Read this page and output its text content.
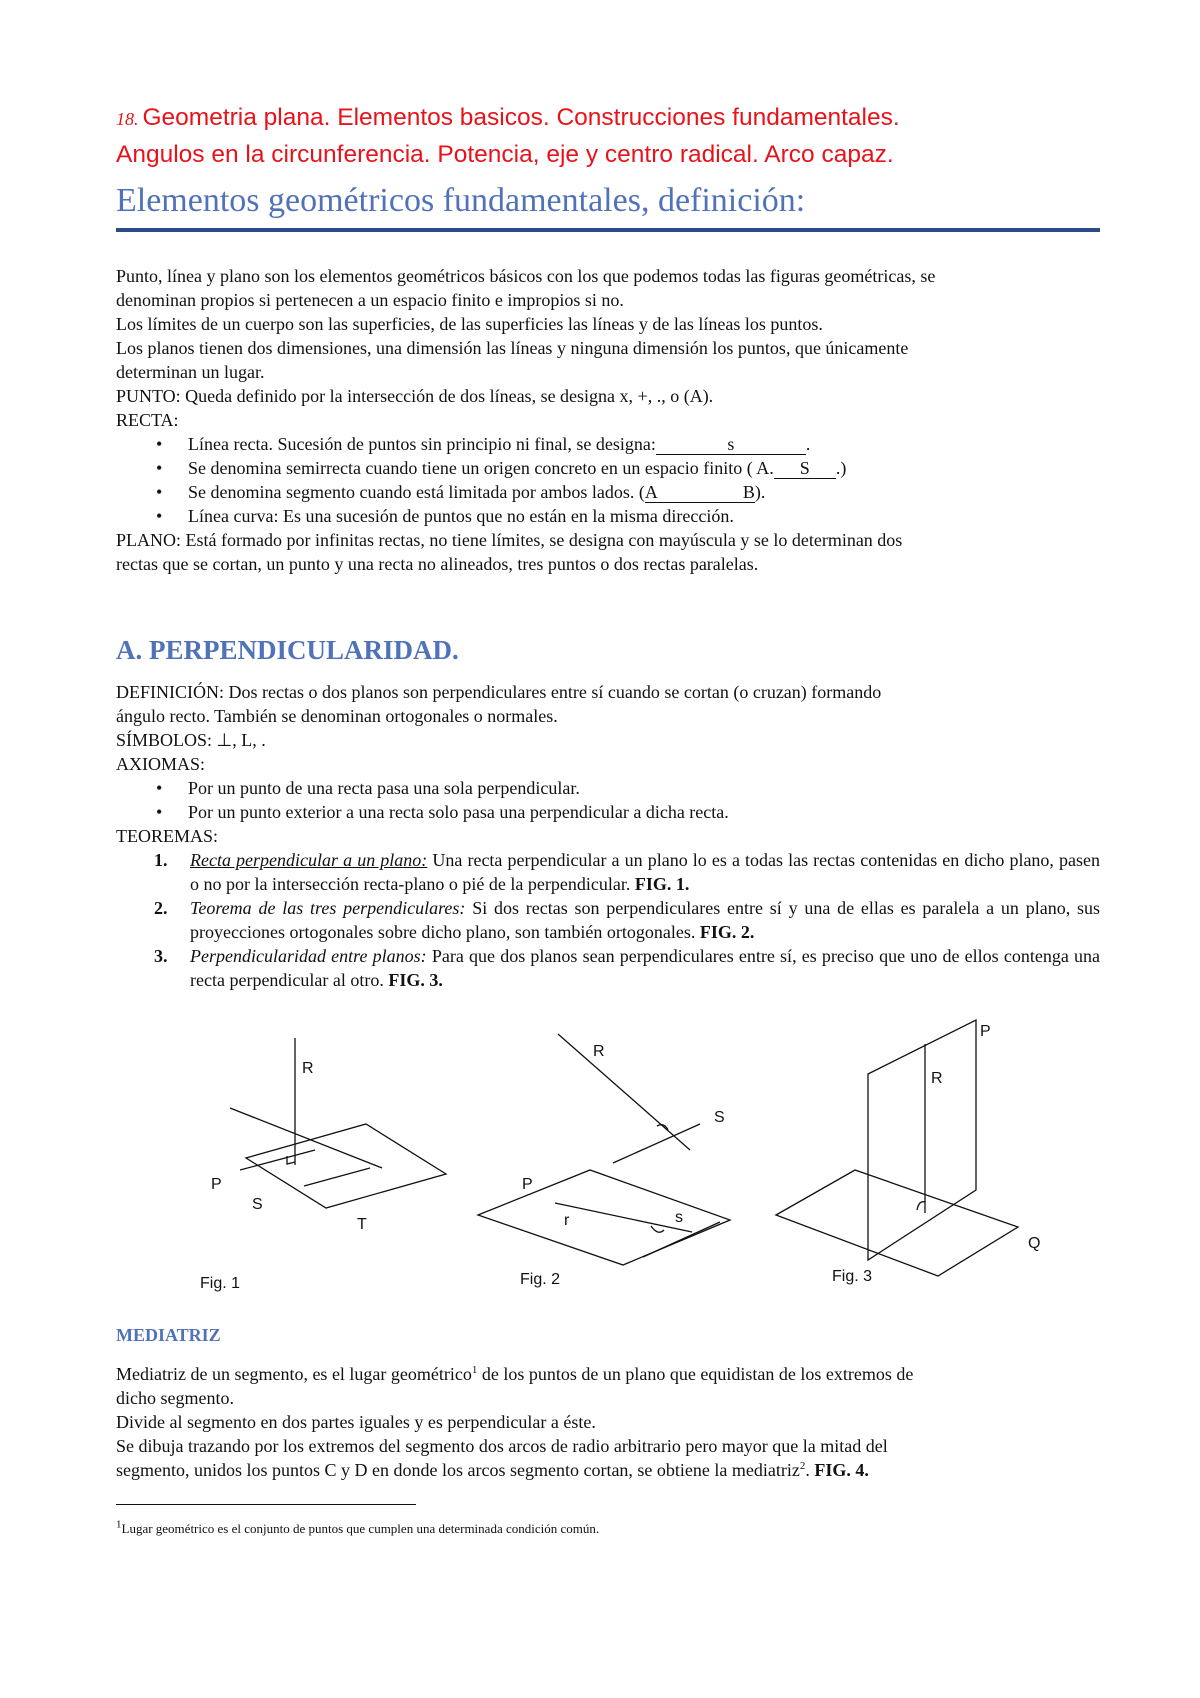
18. Geometria plana. Elementos basicos. Construcciones fundamentales.
Angulos en la circunferencia. Potencia, eje y centro radical. Arco capaz.
Elementos geométricos fundamentales, definición:
Punto, línea y plano son los elementos geométricos básicos con los que podemos todas las figuras geométricas, se
denominan propios si pertenecen a un espacio finito e impropios si no.
Los límites de un cuerpo son las superficies, de las superficies las líneas y de las líneas los puntos.
Los planos tienen dos dimensiones, una dimensión las líneas y ninguna dimensión los puntos, que únicamente
determinan un lugar.
PUNTO: Queda definido por la intersección de dos líneas, se designa x, +, ., o (A).
RECTA:
• Línea recta. Sucesión de puntos sin principio ni final, se designa:	s	.
• Se denomina semirrecta cuando tiene un origen concreto en un espacio finito ( A. S .)
• Se denomina segmento cuando está limitada por ambos lados. (A B).
• Línea curva: Es una sucesión de puntos que no están en la misma dirección.
PLANO: Está formado por infinitas rectas, no tiene límites, se designa con mayúscula y se lo determinan dos
rectas que se cortan, un punto y una recta no alineados, tres puntos o dos rectas paralelas.
A. PERPENDICULARIDAD.
DEFINICIÓN: Dos rectas o dos planos son perpendiculares entre sí cuando se cortan (o cruzan) formando
ángulo recto. También se denominan ortogonales o normales.
SÍMBOLOS: ⊥, L, .
AXIOMAS:
• Por un punto de una recta pasa una sola perpendicular.
• Por un punto exterior a una recta solo pasa una perpendicular a dicha recta.
TEOREMAS:
1. Recta perpendicular a un plano: Una recta perpendicular a un plano lo es a todas las rectas contenidas en dicho plano, pasen o no por la intersección recta-plano o pié de la perpendicular. FIG. 1.
2. Teorema de las tres perpendiculares: Si dos rectas son perpendiculares entre sí y una de ellas es paralela a un plano, sus proyecciones ortogonales sobre dicho plano, son también ortogonales. FIG. 2.
3. Perpendicularidad entre planos: Para que dos planos sean perpendiculares entre sí, es preciso que uno de ellos contenga una recta perpendicular al otro. FIG. 3.
R
P
S
T
Fig. 1
R
S
P
r	s
Fig. 2
P
R
Q
Fig. 3
MEDIATRIZ
Mediatriz de un segmento, es el lugar geométrico$^1$ de los puntos de un plano que equidistan de los extremos de
dicho segmento.
Divide al segmento en dos partes iguales y es perpendicular a éste.
Se dibuja trazando por los extremos del segmento dos arcos de radio arbitrario pero mayor que la mitad del
segmento, unidos los puntos C y D en donde los arcos segmento cortan, se obtiene la mediatriz$^2$. FIG. 4.
$^1$Lugar geométrico es el conjunto de puntos que cumplen una determinada condición común.
